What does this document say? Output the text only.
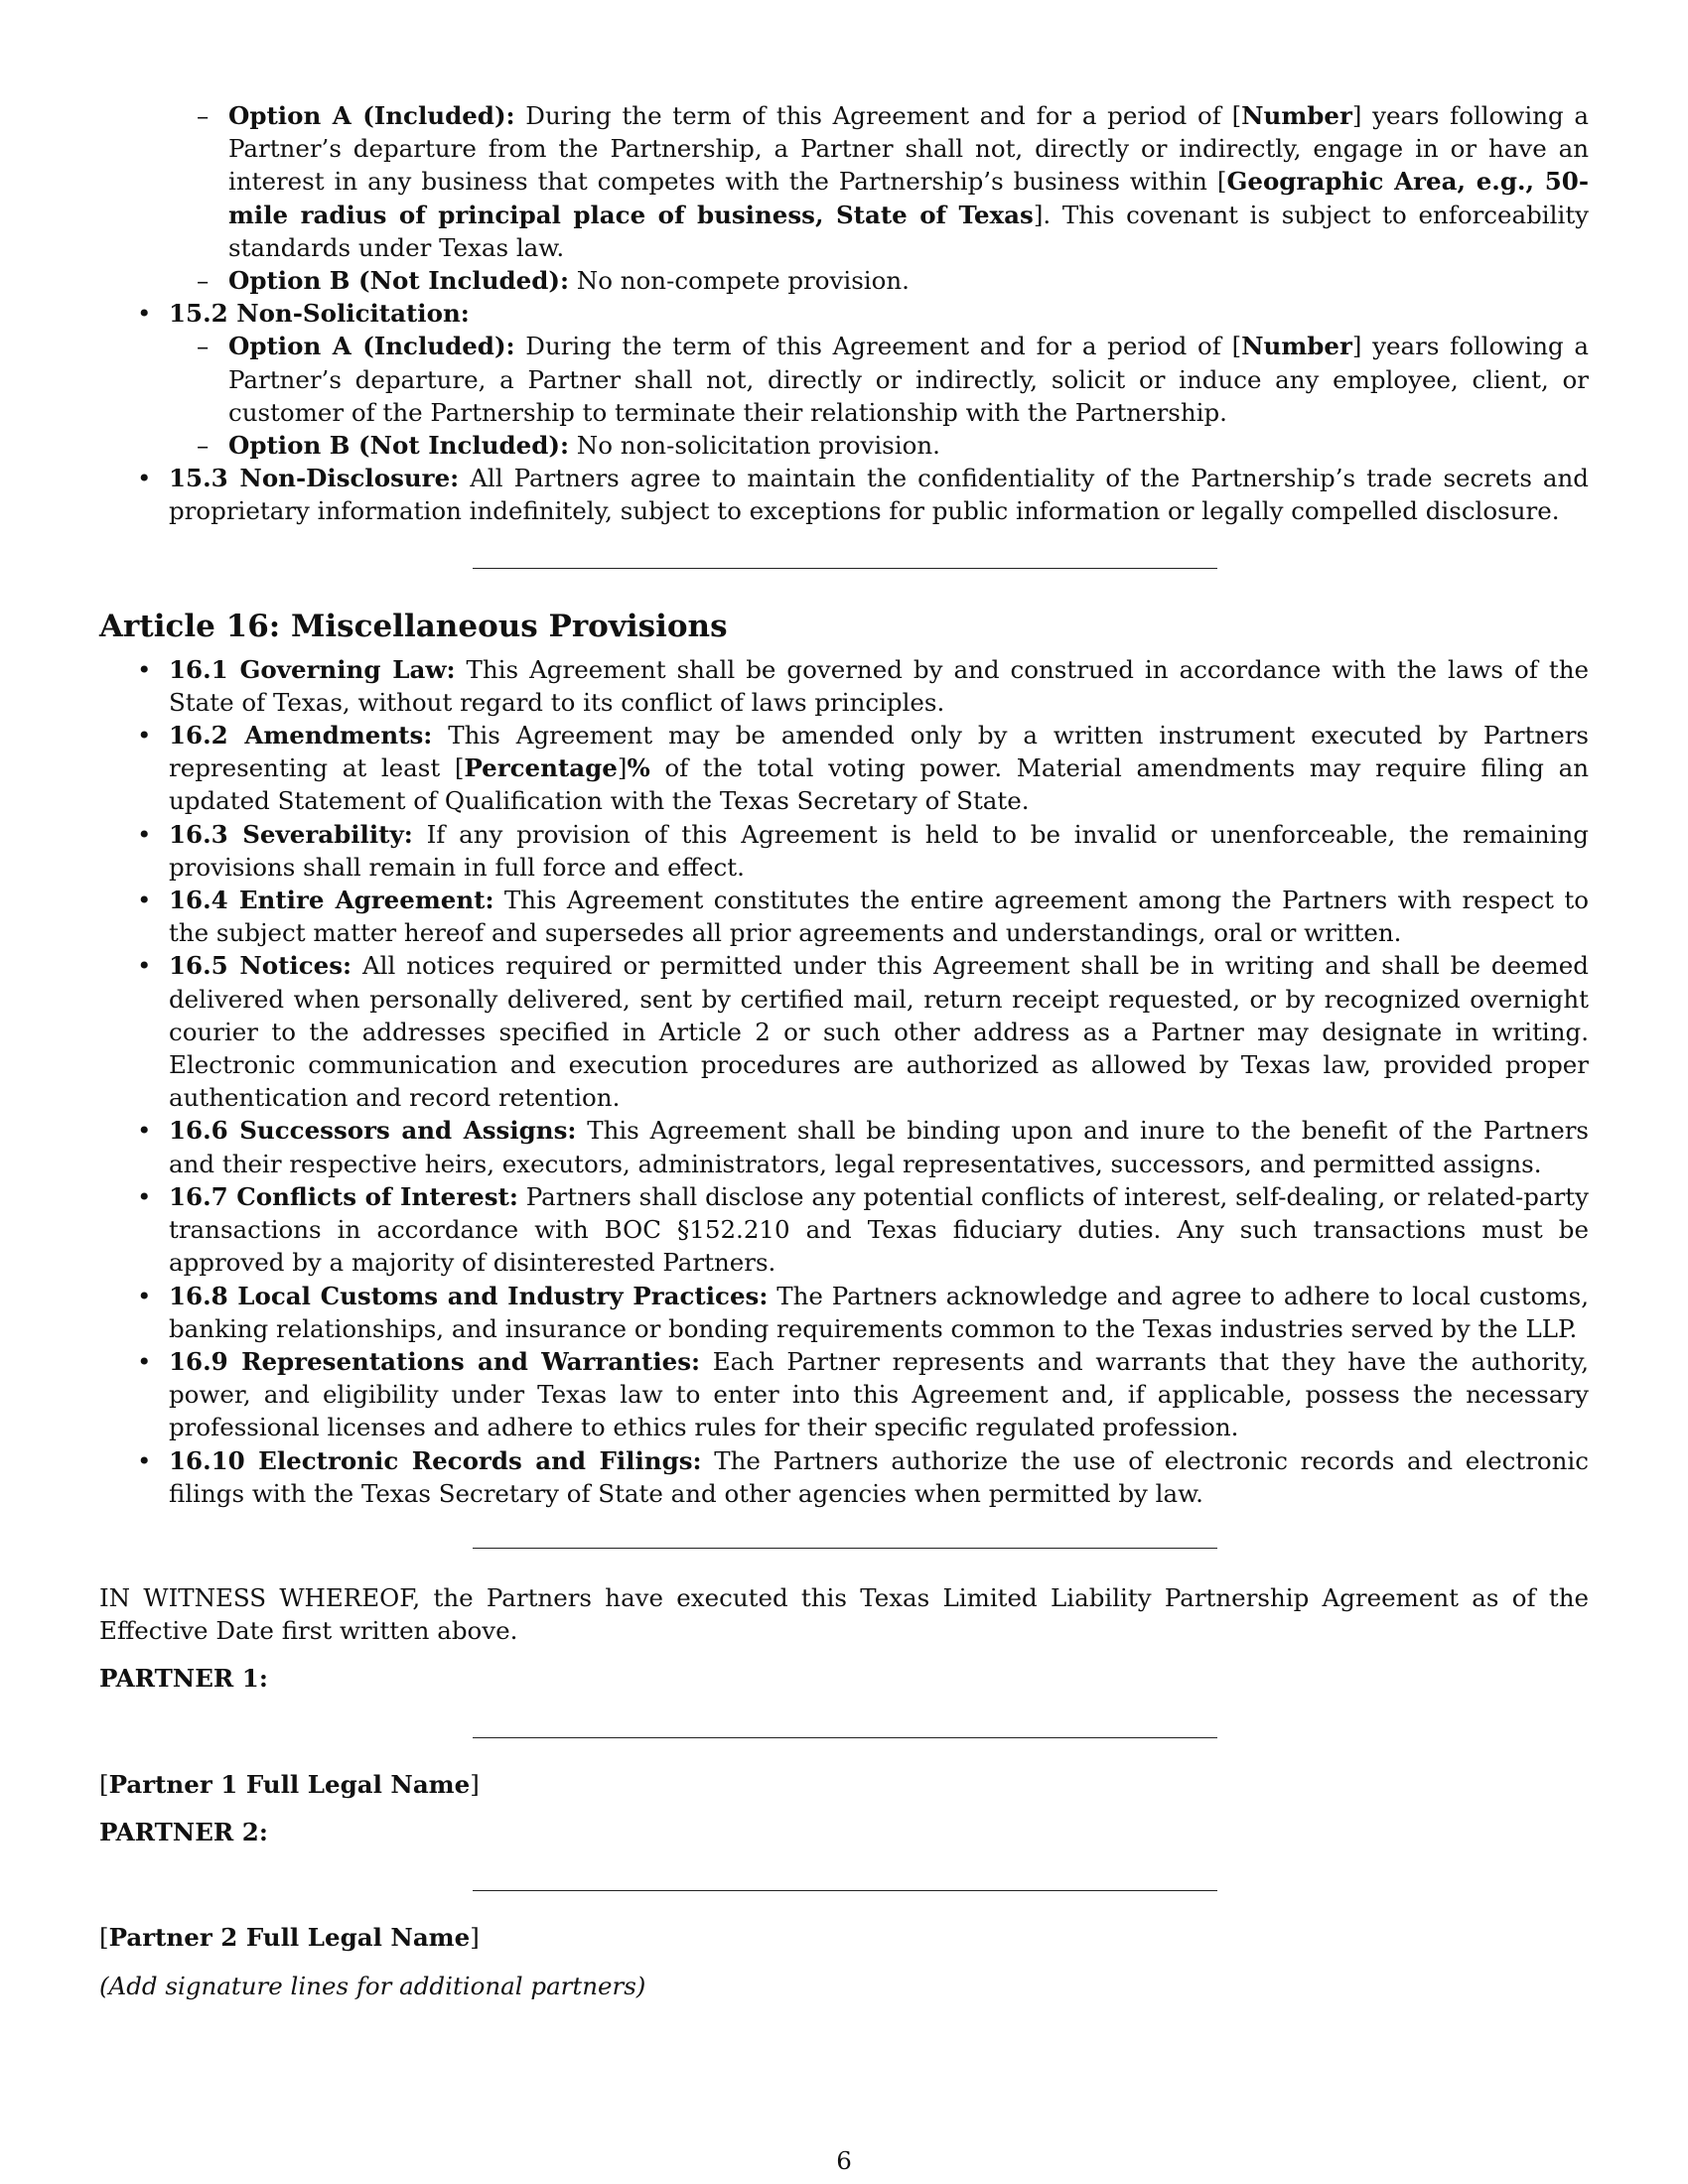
– Option A (Included): During the term of this Agreement and for a period of [Number] years following a Partner’s departure from the Partnership, a Partner shall not, directly or indirectly, engage in or have an interest in any business that competes with the Partnership’s business within [Geographic Area, e.g., 50-mile radius of principal place of business, State of Texas]. This covenant is subject to enforceability standards under Texas law.
– Option B (Not Included): No non-compete provision.
• 15.2 Non-Solicitation:
– Option A (Included): During the term of this Agreement and for a period of [Number] years following a Partner’s departure, a Partner shall not, directly or indirectly, solicit or induce any employee, client, or customer of the Partnership to terminate their relationship with the Partnership.
– Option B (Not Included): No non-solicitation provision.
• 15.3 Non-Disclosure: All Partners agree to maintain the confidentiality of the Partnership’s trade secrets and proprietary information indefinitely, subject to exceptions for public information or legally compelled disclosure.
Article 16: Miscellaneous Provisions
• 16.1 Governing Law: This Agreement shall be governed by and construed in accordance with the laws of the State of Texas, without regard to its conflict of laws principles.
• 16.2 Amendments: This Agreement may be amended only by a written instrument executed by Partners representing at least [Percentage]% of the total voting power. Material amendments may require filing an updated Statement of Qualification with the Texas Secretary of State.
• 16.3 Severability: If any provision of this Agreement is held to be invalid or unenforceable, the remaining provisions shall remain in full force and effect.
• 16.4 Entire Agreement: This Agreement constitutes the entire agreement among the Partners with respect to the subject matter hereof and supersedes all prior agreements and understandings, oral or written.
• 16.5 Notices: All notices required or permitted under this Agreement shall be in writing and shall be deemed delivered when personally delivered, sent by certified mail, return receipt requested, or by recognized overnight courier to the addresses specified in Article 2 or such other address as a Partner may designate in writing. Electronic communication and execution procedures are authorized as allowed by Texas law, provided proper authentication and record retention.
• 16.6 Successors and Assigns: This Agreement shall be binding upon and inure to the benefit of the Partners and their respective heirs, executors, administrators, legal representatives, successors, and permitted assigns.
• 16.7 Conflicts of Interest: Partners shall disclose any potential conflicts of interest, self-dealing, or related-party transactions in accordance with BOC §152.210 and Texas fiduciary duties. Any such transactions must be approved by a majority of disinterested Partners.
• 16.8 Local Customs and Industry Practices: The Partners acknowledge and agree to adhere to local customs, banking relationships, and insurance or bonding requirements common to the Texas industries served by the LLP.
• 16.9 Representations and Warranties: Each Partner represents and warrants that they have the authority, power, and eligibility under Texas law to enter into this Agreement and, if applicable, possess the necessary professional licenses and adhere to ethics rules for their specific regulated profession.
• 16.10 Electronic Records and Filings: The Partners authorize the use of electronic records and electronic filings with the Texas Secretary of State and other agencies when permitted by law.

IN WITNESS WHEREOF, the Partners have executed this Texas Limited Liability Partnership Agreement as of the Effective Date first written above.

PARTNER 1:
[Partner 1 Full Legal Name]
PARTNER 2:
[Partner 2 Full Legal Name]
(Add signature lines for additional partners)
6
